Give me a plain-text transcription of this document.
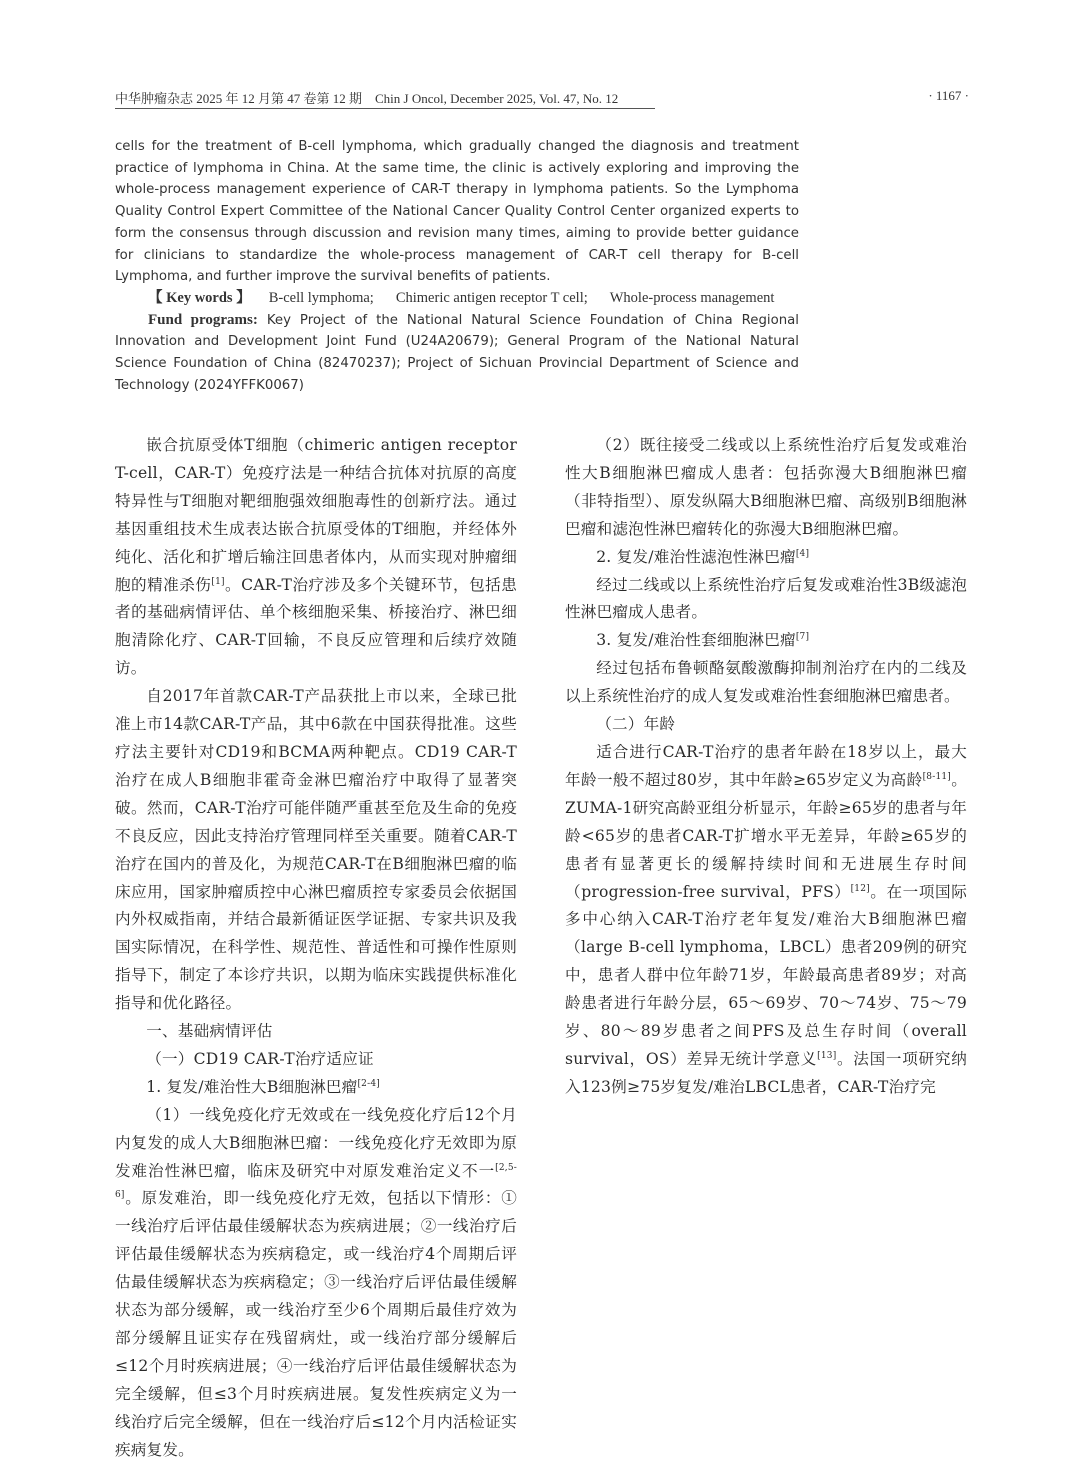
中华肿瘤杂志 2025 年 12 月第 47 卷第 12 期　Chin J Oncol, December 2025, Vol. 47, No. 12	· 1167 ·

cells for the treatment of B-cell lymphoma, which gradually changed the diagnosis and treatment practice of lymphoma in China. At the same time, the clinic is actively exploring and improving the whole-process management experience of CAR-T therapy in lymphoma patients. So the Lymphoma Quality Control Expert Committee of the National Cancer Quality Control Center organized experts to form the consensus through discussion and revision many times, aiming to provide better guidance for clinicians to standardize the whole-process management of CAR-T cell therapy for B-cell Lymphoma, and further improve the survival benefits of patients.

【 Key words 】 B-cell lymphoma; Chimeric antigen receptor T cell; Whole-process management

Fund programs: Key Project of the National Natural Science Foundation of China Regional Innovation and Development Joint Fund (U24A20679); General Program of the National Natural Science Foundation of China (82470237); Project of Sichuan Provincial Department of Science and Technology (2024YFFK0067)

嵌合抗原受体T细胞（chimeric antigen receptor T-cell，CAR-T）免疫疗法是一种结合抗体对抗原的高度特异性与T细胞对靶细胞强效细胞毒性的创新疗法。通过基因重组技术生成表达嵌合抗原受体的T细胞，并经体外纯化、活化和扩增后输注回患者体内，从而实现对肿瘤细胞的精准杀伤[1]。CAR-T治疗涉及多个关键环节，包括患者的基础病情评估、单个核细胞采集、桥接治疗、淋巴细胞清除化疗、CAR-T回输，不良反应管理和后续疗效随访。

自2017年首款CAR-T产品获批上市以来，全球已批准上市14款CAR-T产品，其中6款在中国获得批准。这些疗法主要针对CD19和BCMA两种靶点。CD19 CAR-T治疗在成人B细胞非霍奇金淋巴瘤治疗中取得了显著突破。然而，CAR-T治疗可能伴随严重甚至危及生命的免疫不良反应，因此支持治疗管理同样至关重要。随着CAR-T治疗在国内的普及化，为规范CAR-T在B细胞淋巴瘤的临床应用，国家肿瘤质控中心淋巴瘤质控专家委员会依据国内外权威指南，并结合最新循证医学证据、专家共识及我国实际情况，在科学性、规范性、普适性和可操作性原则指导下，制定了本诊疗共识，以期为临床实践提供标准化指导和优化路径。

一、基础病情评估

（一）CD19 CAR-T治疗适应证

1. 复发/难治性大B细胞淋巴瘤[2-4]

（1）一线免疫化疗无效或在一线免疫化疗后12个月内复发的成人大B细胞淋巴瘤：一线免疫化疗无效即为原发难治性淋巴瘤，临床及研究中对原发难治定义不一[2,5-6]。原发难治，即一线免疫化疗无效，包括以下情形：①一线治疗后评估最佳缓解状态为疾病进展；②一线治疗后评估最佳缓解状态为疾病稳定，或一线治疗4个周期后评估最佳缓解状态为疾病稳定；③一线治疗后评估最佳缓解状态为部分缓解，或一线治疗至少6个周期后最佳疗效为部分缓解且证实存在残留病灶，或一线治疗部分缓解后≤12个月时疾病进展；④一线治疗后评估最佳缓解状态为完全缓解，但≤3个月时疾病进展。复发性疾病定义为一线治疗后完全缓解，但在一线治疗后≤12个月内活检证实疾病复发。

（2）既往接受二线或以上系统性治疗后复发或难治性大B细胞淋巴瘤成人患者：包括弥漫大B细胞淋巴瘤（非特指型）、原发纵隔大B细胞淋巴瘤、高级别B细胞淋巴瘤和滤泡性淋巴瘤转化的弥漫大B细胞淋巴瘤。

2. 复发/难治性滤泡性淋巴瘤[4]

经过二线或以上系统性治疗后复发或难治性3B级滤泡性淋巴瘤成人患者。

3. 复发/难治性套细胞淋巴瘤[7]

经过包括布鲁顿酪氨酸激酶抑制剂治疗在内的二线及以上系统性治疗的成人复发或难治性套细胞淋巴瘤患者。

（二）年龄

适合进行CAR-T治疗的患者年龄在18岁以上，最大年龄一般不超过80岁，其中年龄≥65岁定义为高龄[8-11]。ZUMA-1研究高龄亚组分析显示，年龄≥65岁的患者与年龄<65岁的患者CAR-T扩增水平无差异，年龄≥65岁的患者有显著更长的缓解持续时间和无进展生存时间（progression-free survival，PFS）[12]。在一项国际多中心纳入CAR-T治疗老年复发/难治大B细胞淋巴瘤（large B-cell lymphoma，LBCL）患者209例的研究中，患者人群中位年龄71岁，年龄最高患者89岁；对高龄患者进行年龄分层，65～69岁、70～74岁、75～79岁、80～89岁患者之间PFS及总生存时间（overall survival，OS）差异无统计学意义[13]。法国一项研究纳入123例≥75岁复发/难治LBCL患者，CAR-T治疗完
